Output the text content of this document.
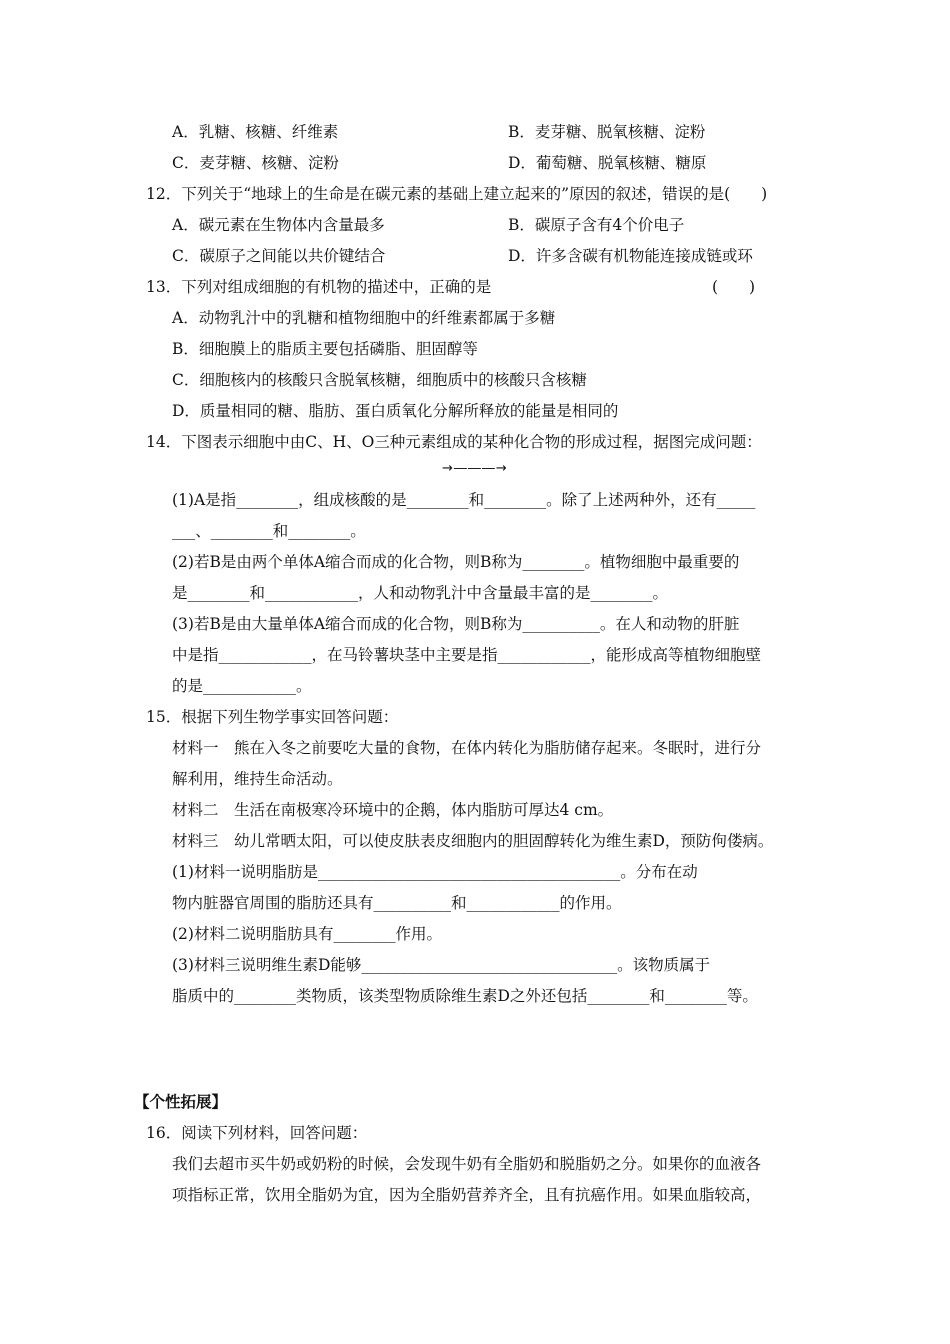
A．乳糖、核糖、纤维素	B．麦芽糖、脱氧核糖、淀粉
C．麦芽糖、核糖、淀粉	D．葡萄糖、脱氧核糖、糖原
12．下列关于“地球上的生命是在碳元素的基础上建立起来的”原因的叙述，错误的是(　　)
A．碳元素在生物体内含量最多	B．碳原子含有4个价电子
C．碳原子之间能以共价键结合	D．许多含碳有机物能连接成链或环
13．下列对组成细胞的有机物的描述中，正确的是	(　　)
A．动物乳汁中的乳糖和植物细胞中的纤维素都属于多糖
B．细胞膜上的脂质主要包括磷脂、胆固醇等
C．细胞核内的核酸只含脱氧核糖，细胞质中的核酸只含核糖
D．质量相同的糖、脂肪、蛋白质氧化分解所释放的能量是相同的
14．下图表示细胞中由C、H、O三种元素组成的某种化合物的形成过程，据图完成问题：
→―――→
(1)A是指________，组成核酸的是________和________。除了上述两种外，还有_____
___、________和________。
(2)若B是由两个单体A缩合而成的化合物，则B称为________。植物细胞中最重要的
是________和____________，人和动物乳汁中含量最丰富的是________。
(3)若B是由大量单体A缩合而成的化合物，则B称为__________。在人和动物的肝脏
中是指____________，在马铃薯块茎中主要是指____________，能形成高等植物细胞壁
的是____________。
15．根据下列生物学事实回答问题：
材料一　熊在入冬之前要吃大量的食物，在体内转化为脂肪储存起来。冬眠时，进行分
解利用，维持生命活动。
材料二　生活在南极寒冷环境中的企鹅，体内脂肪可厚达4 cm。
材料三　幼儿常晒太阳，可以使皮肤表皮细胞内的胆固醇转化为维生素D，预防佝偻病。
(1)材料一说明脂肪是_______________________________________。分布在动
物内脏器官周围的脂肪还具有__________和____________的作用。
(2)材料二说明脂肪具有________作用。
(3)材料三说明维生素D能够_________________________________。该物质属于
脂质中的________类物质，该类型物质除维生素D之外还包括________和________等。
【个性拓展】
16．阅读下列材料，回答问题：
我们去超市买牛奶或奶粉的时候，会发现牛奶有全脂奶和脱脂奶之分。如果你的血液各
项指标正常，饮用全脂奶为宜，因为全脂奶营养齐全，且有抗癌作用。如果血脂较高，
